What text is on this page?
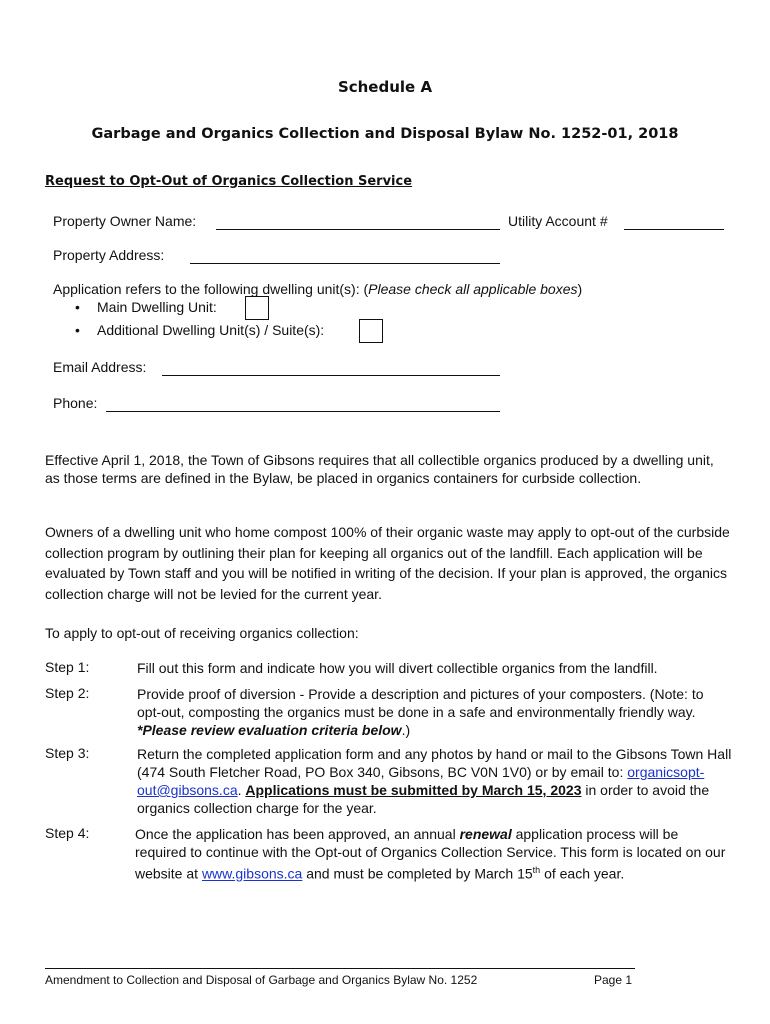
Schedule A
Garbage and Organics Collection and Disposal Bylaw No. 1252-01, 2018
Request to Opt-Out of Organics Collection Service
Property Owner Name:	Utility Account #
Property Address:
Application refers to the following dwelling unit(s): (Please check all applicable boxes)
• Main Dwelling Unit:
• Additional Dwelling Unit(s) / Suite(s):
Email Address:
Phone:
Effective April 1, 2018, the Town of Gibsons requires that all collectible organics produced by a dwelling unit, as those terms are defined in the Bylaw, be placed in organics containers for curbside collection.
Owners of a dwelling unit who home compost 100% of their organic waste may apply to opt-out of the curbside collection program by outlining their plan for keeping all organics out of the landfill. Each application will be evaluated by Town staff and you will be notified in writing of the decision. If your plan is approved, the organics collection charge will not be levied for the current year.
To apply to opt-out of receiving organics collection:
Step 1:	Fill out this form and indicate how you will divert collectible organics from the landfill.
Step 2:	Provide proof of diversion - Provide a description and pictures of your composters. (Note: to opt-out, composting the organics must be done in a safe and environmentally friendly way. *Please review evaluation criteria below.)
Step 3:	Return the completed application form and any photos by hand or mail to the Gibsons Town Hall (474 South Fletcher Road, PO Box 340, Gibsons, BC V0N 1V0) or by email to: organicsopt-out@gibsons.ca. Applications must be submitted by March 15, 2023 in order to avoid the organics collection charge for the year.
Step 4:	Once the application has been approved, an annual renewal application process will be required to continue with the Opt-out of Organics Collection Service. This form is located on our website at www.gibsons.ca and must be completed by March 15th of each year.
Amendment to Collection and Disposal of Garbage and Organics Bylaw No. 1252	Page 1
